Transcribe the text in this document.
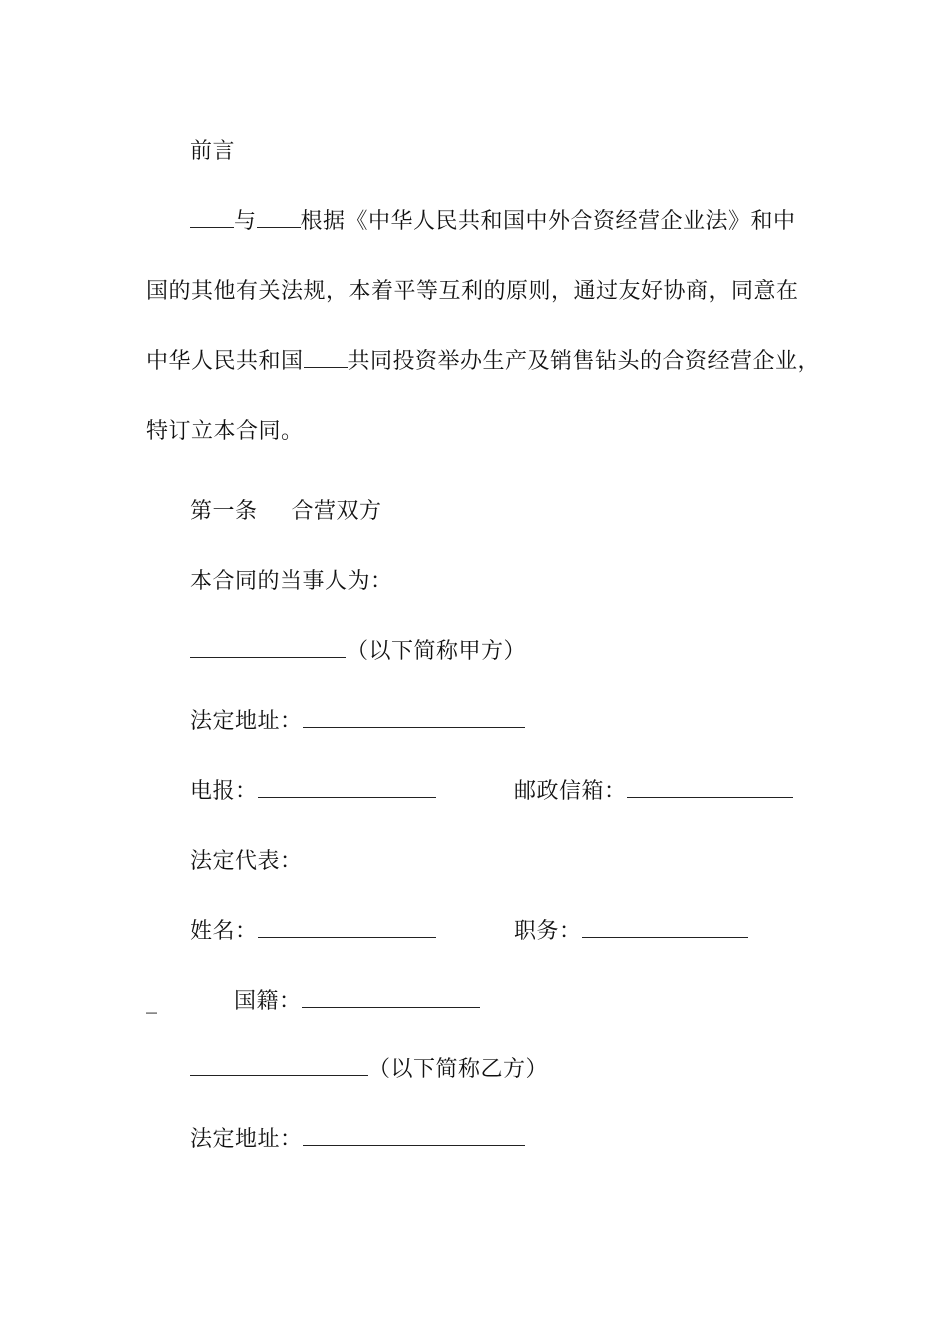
前言
与 根据《中华人民共和国中外合资经营企业法》和中
国的其他有关法规，本着平等互利的原则，通过友好协商，同意在
中华人民共和国 共同投资举办生产及销售钻头的合资经营企业，
特订立本合同。
第一条 合营双方
本合同的当事人为：
（以下简称甲方）
法定地址：
电报：	邮政信箱：
法定代表：
姓名：	职务：
_	国籍：
（以下简称乙方）
法定地址：
